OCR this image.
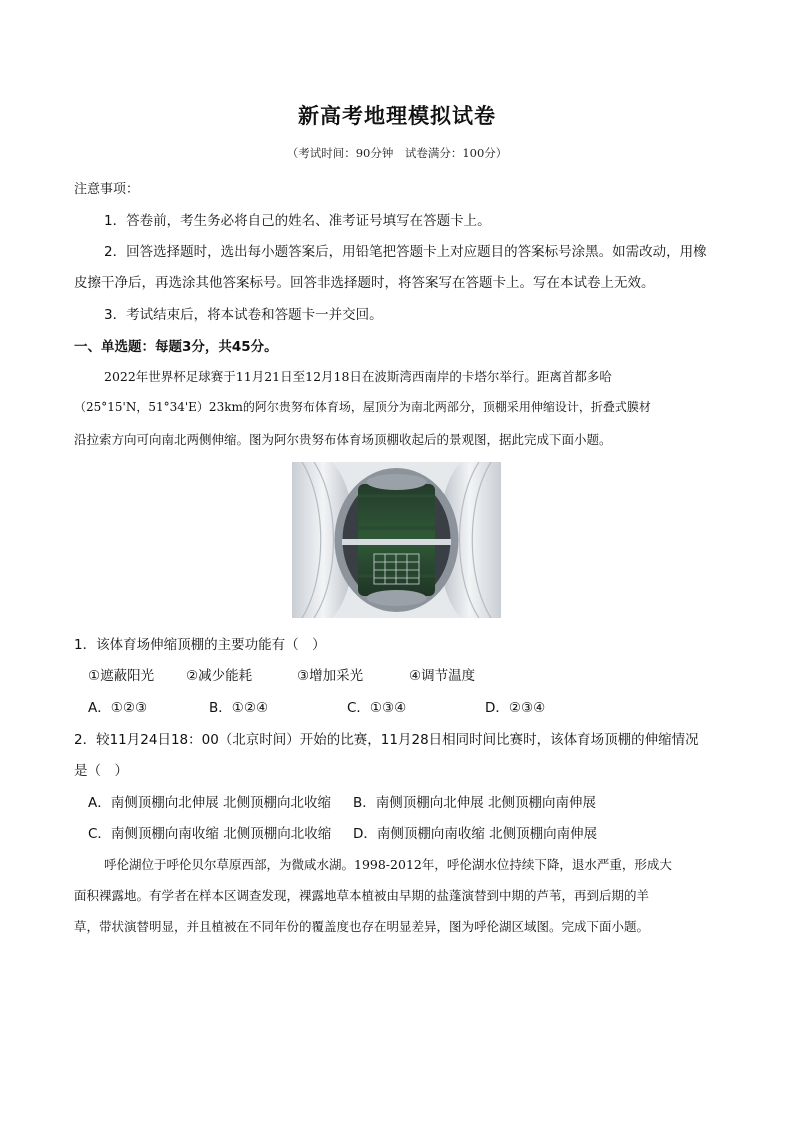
新高考地理模拟试卷
（考试时间：90分钟　试卷满分：100分）
注意事项：
1．答卷前，考生务必将自己的姓名、准考证号填写在答题卡上。
2．回答选择题时，选出每小题答案后，用铅笔把答题卡上对应题目的答案标号涂黑。如需改动，用橡
皮擦干净后，再选涂其他答案标号。回答非选择题时，将答案写在答题卡上。写在本试卷上无效。
3．考试结束后，将本试卷和答题卡一并交回。
一、单选题：每题3分，共45分。
2022年世界杯足球赛于11月21日至12月18日在波斯湾西南岸的卡塔尔举行。距离首都多哈
（25°15'N，51°34'E）23km的阿尔贵努布体育场，屋顶分为南北两部分，顶棚采用伸缩设计，折叠式膜材
沿拉索方向可向南北两侧伸缩。图为阿尔贵努布体育场顶棚收起后的景观图，据此完成下面小题。
1．该体育场伸缩顶棚的主要功能有（　）
①遮蔽阳光 ②减少能耗	③增加采光	④调节温度
A．①②③	B．①②④	C．①③④	D．②③④
2．较11月24日18：00（北京时间）开始的比赛，11月28日相同时间比赛时，该体育场顶棚的伸缩情况
是（　）
A．南侧顶棚向北伸展 北侧顶棚向北收缩 B．南侧顶棚向北伸展 北侧顶棚向南伸展
C．南侧顶棚向南收缩 北侧顶棚向北收缩 D．南侧顶棚向南收缩 北侧顶棚向南伸展
呼伦湖位于呼伦贝尔草原西部，为微咸水湖。1998-2012年，呼伦湖水位持续下降，退水严重，形成大
面积裸露地。有学者在样本区调查发现，裸露地草本植被由早期的盐蓬演替到中期的芦苇，再到后期的羊
草，带状演替明显，并且植被在不同年份的覆盖度也存在明显差异，图为呼伦湖区域图。完成下面小题。
